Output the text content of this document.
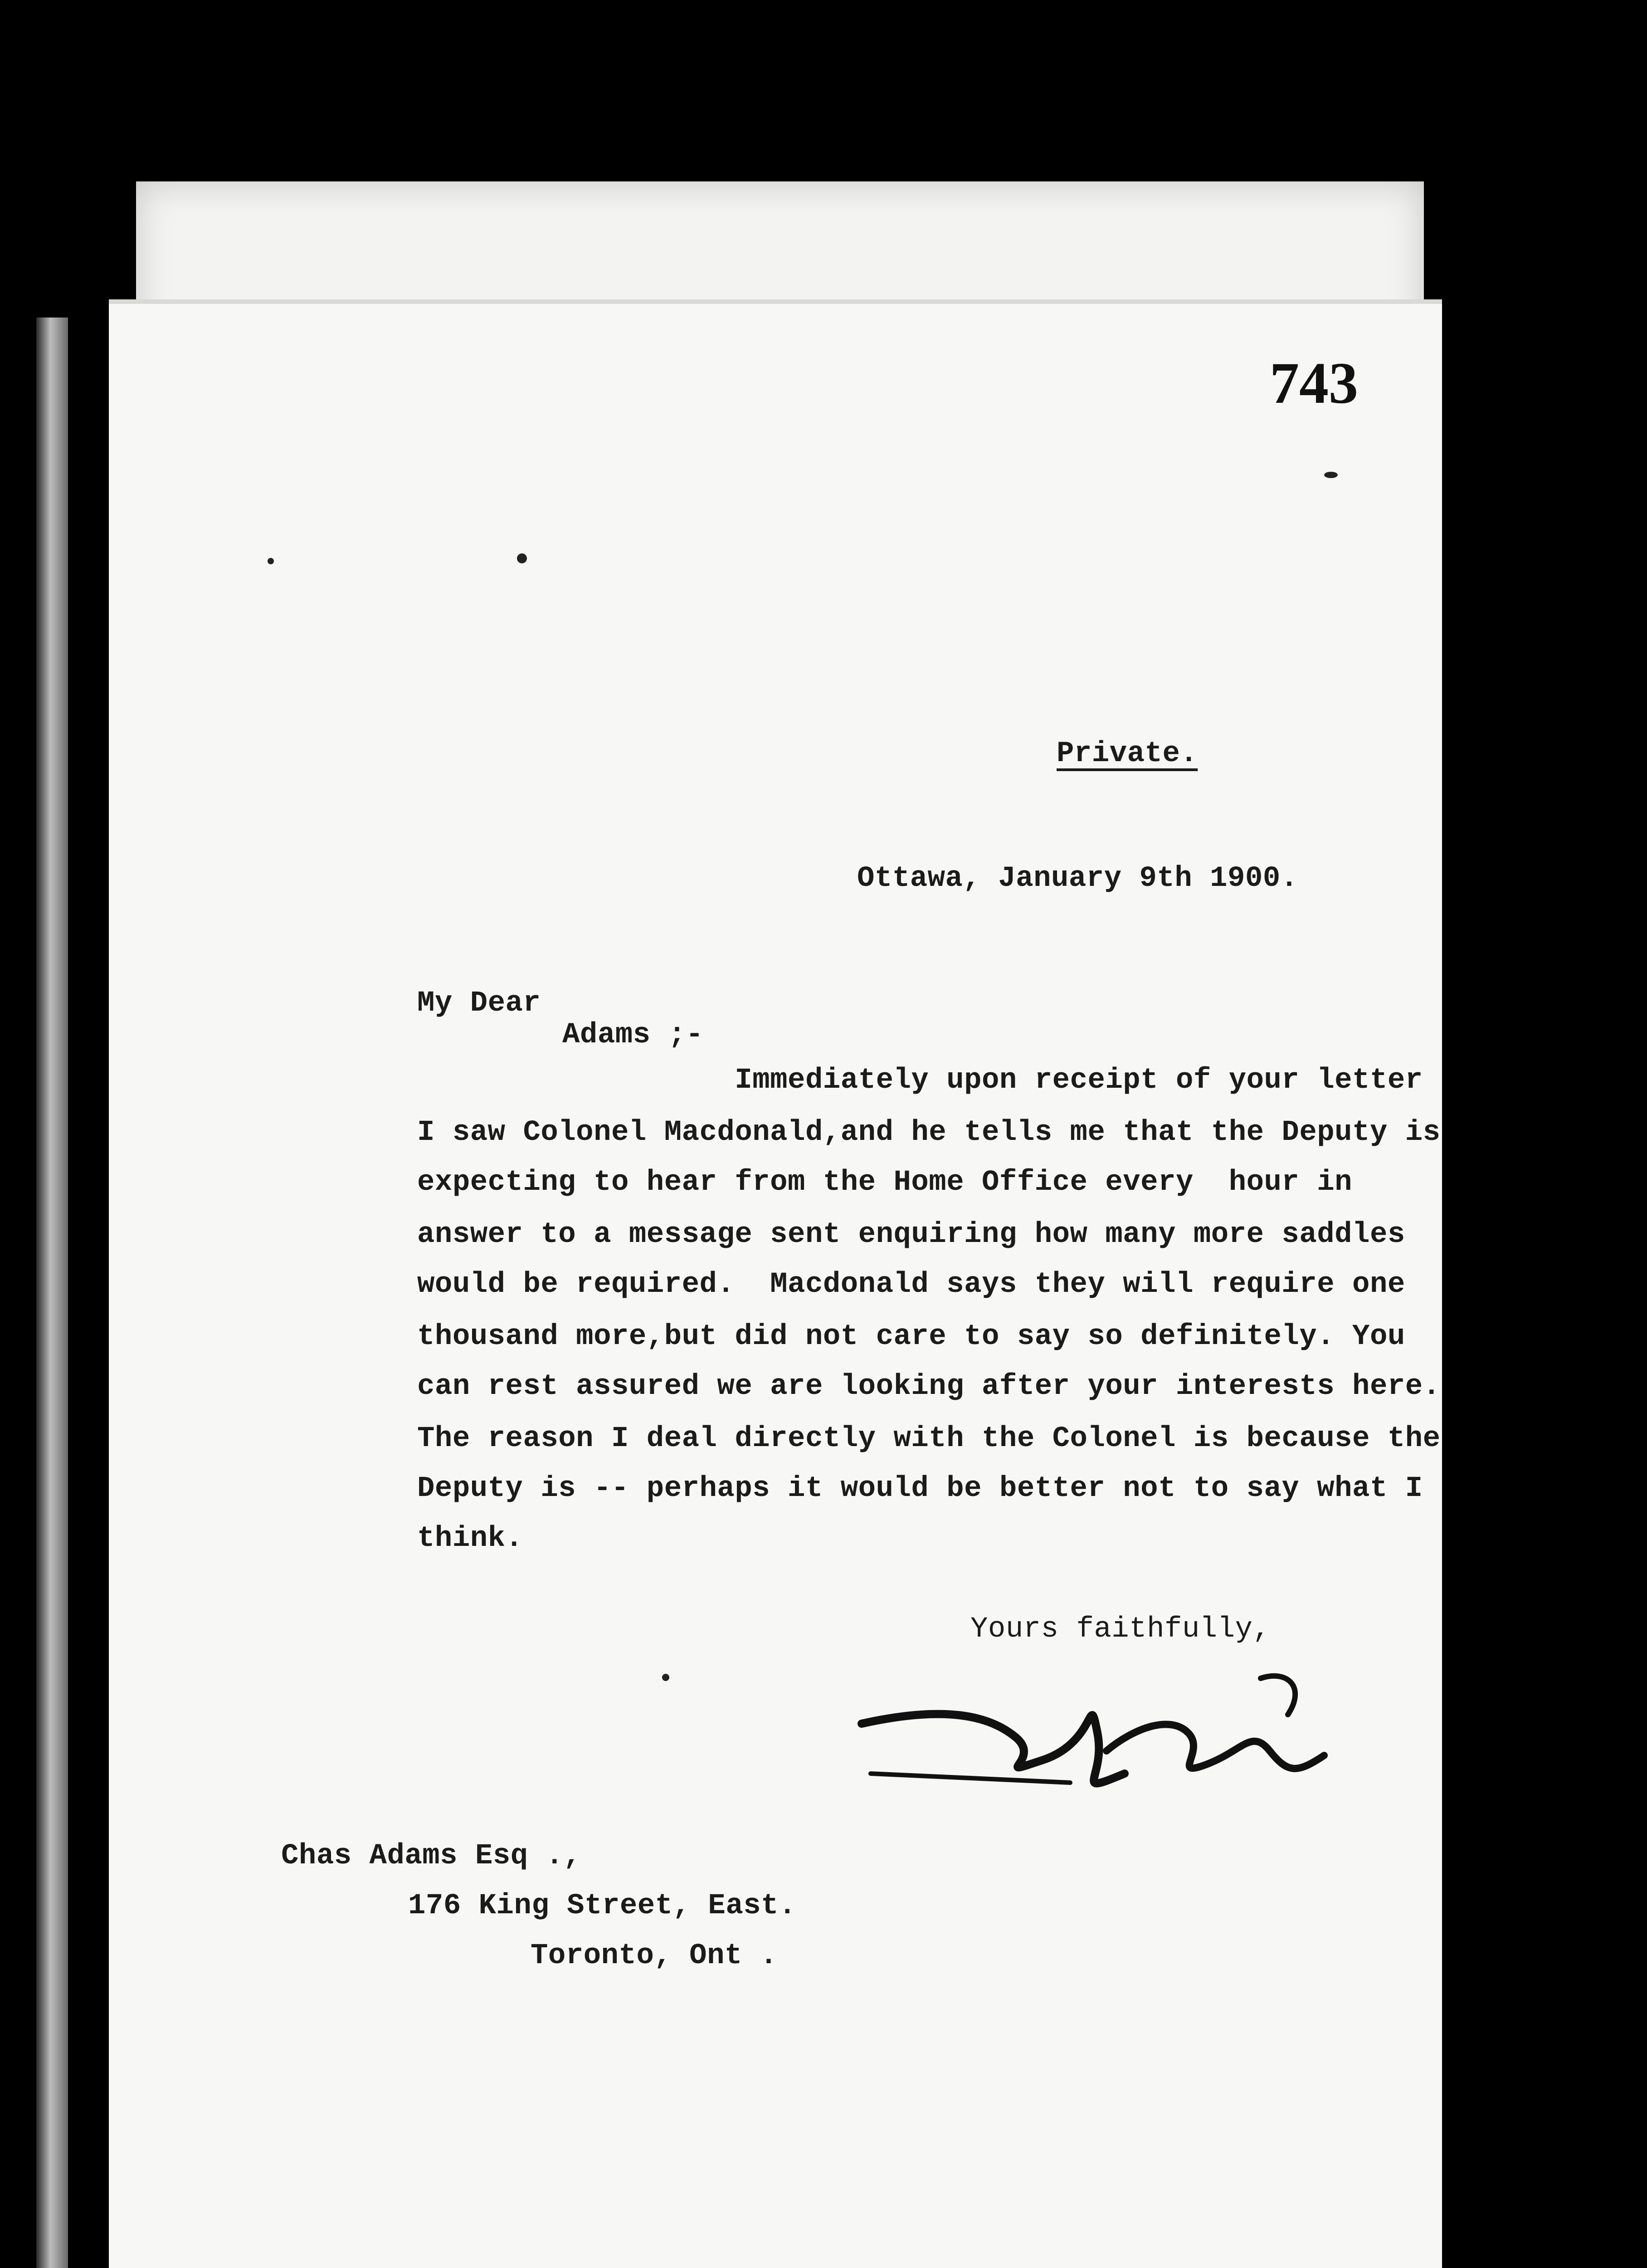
743
Private.
Ottawa, January 9th 1900.
My Dear
Adams ;-
Immediately upon receipt of your letter
I saw Colonel Macdonald,and he tells me that the Deputy is
expecting to hear from the Home Office every  hour in
answer to a message sent enquiring how many more saddles
would be required.  Macdonald says they will require one
thousand more,but did not care to say so definitely. You
can rest assured we are looking after your interests here.
The reason I deal directly with the Colonel is because the
Deputy is -- perhaps it would be better not to say what I
think.
Yours faithfully,
Chas Adams Esq .,
176 King Street, East.
Toronto, Ont .
